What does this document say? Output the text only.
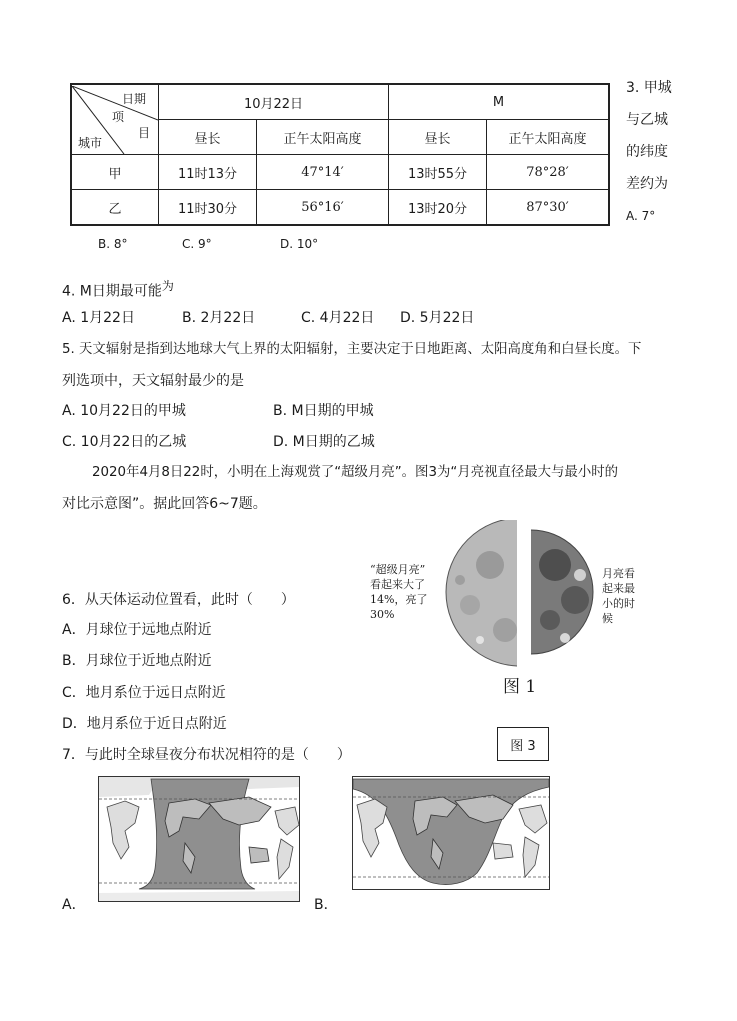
日期
项
目
城市	10月22日		M	
	昼长	正午太阳高度	昼长	正午太阳高度
甲	11时13分	47°14′	13时55分	78°28′
乙	11时30分	56°16′	13时20分	87°30′
3. 甲城
与乙城
的纬度
差约为
A. 7°
B. 8°	C. 9°	D. 10°
4. M日期最可能$^为$
A. 1月22日	B. 2月22日	C. 4月22日 D. 5月22日
5. 天文辐射是指到达地球大气上界的太阳辐射，主要决定于日地距离、太阳高度角和白昼长度。下
列选项中，天文辐射最少的是
A. 10月22日的甲城	B. M日期的甲城
C. 10月22日的乙城	D. M日期的乙城
2020年4月8日22时，小明在上海观赏了“超级月亮”。图3为“月亮视直径最大与最小时的
对比示意图”。据此回答6~7题。
“超级月亮”
看起来大了
14%，亮了
30%
月亮看
起来最
小的时
候
图 1
图 3
6．从天体运动位置看，此时（　　）
A．月球位于远地点附近
B．月球位于近地点附近
C．地月系位于远日点附近
D．地月系位于近日点附近
7．与此时全球昼夜分布状况相符的是（　　）
A．	B．
